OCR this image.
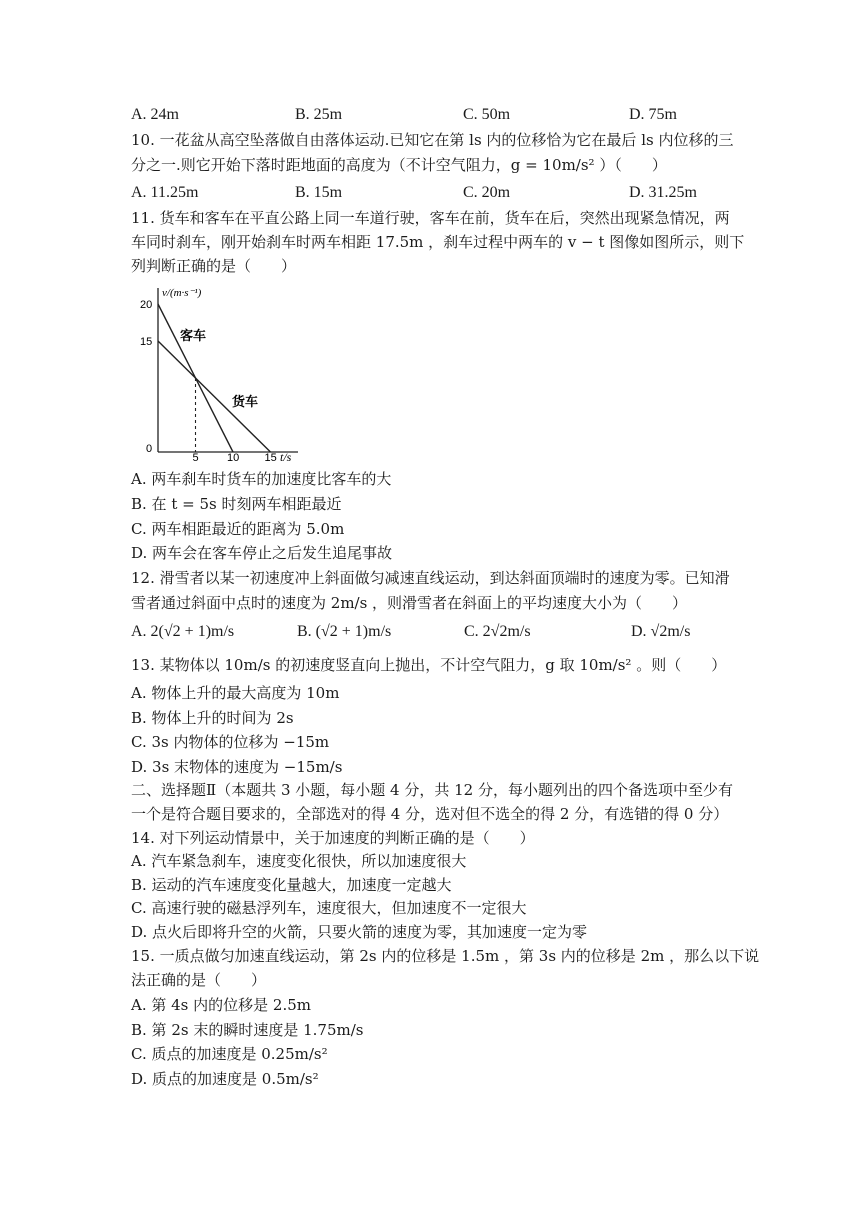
A. 24m	B. 25m	C. 50m	D. 75m
10. 一花盆从高空坠落做自由落体运动.已知它在第 ls 内的位移恰为它在最后 ls 内位移的三
分之一.则它开始下落时距地面的高度为（不计空气阻力，g = 10m/s² ）（　　）
A. 11.25m	B. 15m	C. 20m	D. 31.25m
11. 货车和客车在平直公路上同一车道行驶，客车在前，货车在后，突然出现紧急情况，两
车同时刹车，刚开始刹车时两车相距 17.5m ，刹车过程中两车的 v − t 图像如图所示，则下
列判断正确的是（　　）
5	10 15
20
15
v/(m·s⁻¹)
t/s
0
客车
货车
A. 两车刹车时货车的加速度比客车的大
B. 在 t = 5s 时刻两车相距最近
C. 两车相距最近的距离为 5.0m
D. 两车会在客车停止之后发生追尾事故
12. 滑雪者以某一初速度冲上斜面做匀减速直线运动，到达斜面顶端时的速度为零。已知滑
雪者通过斜面中点时的速度为 2m/s ，则滑雪者在斜面上的平均速度大小为（　　）
A. 2(√2 + 1)m/s	B. (√2 + 1)m/s	C. 2√2m/s	D. √2m/s
13. 某物体以 10m/s 的初速度竖直向上抛出，不计空气阻力，g 取 10m/s² 。则（　　）
A. 物体上升的最大高度为 10m
B. 物体上升的时间为 2s
C. 3s 内物体的位移为 −15m
D. 3s 末物体的速度为 −15m/s
二、选择题Ⅱ（本题共 3 小题，每小题 4 分，共 12 分，每小题列出的四个备选项中至少有
一个是符合题目要求的，全部选对的得 4 分，选对但不选全的得 2 分，有选错的得 0 分）
14. 对下列运动情景中，关于加速度的判断正确的是（　　）
A. 汽车紧急刹车，速度变化很快，所以加速度很大
B. 运动的汽车速度变化量越大，加速度一定越大
C. 高速行驶的磁悬浮列车，速度很大，但加速度不一定很大
D. 点火后即将升空的火箭，只要火箭的速度为零，其加速度一定为零
15. 一质点做匀加速直线运动，第 2s 内的位移是 1.5m ，第 3s 内的位移是 2m ，那么以下说
法正确的是（　　）
A. 第 4s 内的位移是 2.5m
B. 第 2s 末的瞬时速度是 1.75m/s
C. 质点的加速度是 0.25m/s²
D. 质点的加速度是 0.5m/s²
